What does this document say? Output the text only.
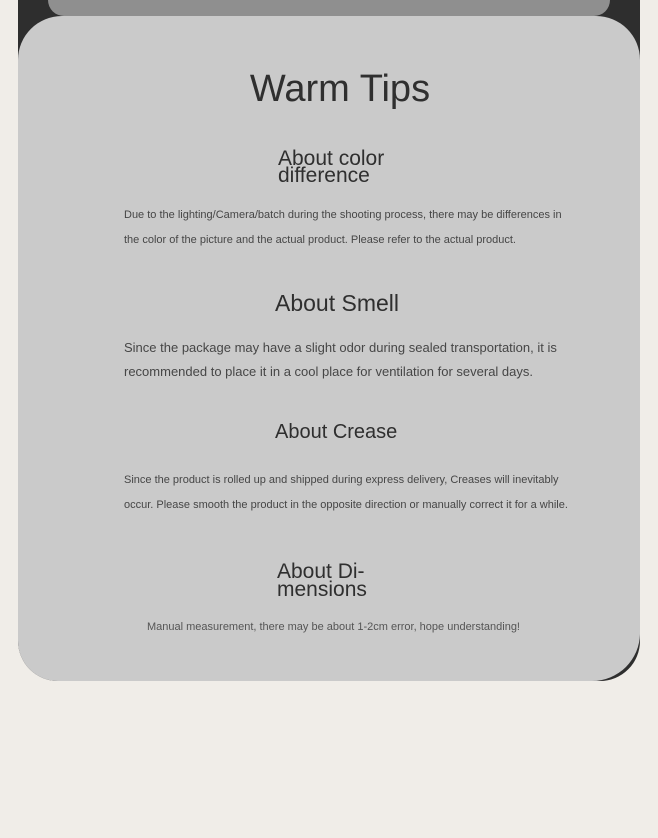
Warm Tips
About color difference

Due to the lighting/Camera/batch during the shooting process, there may be differences in the color of the picture and the actual product. Please refer to the actual product.

About Smell

Since the package may have a slight odor during sealed transportation, it is recommended to place it in a cool place for ventilation for several days.

About Crease

Since the product is rolled up and shipped during express delivery, Creases will inevitably occur. Please smooth the product in the opposite direction or manually correct it for a while.

About Di-mensions

Manual measurement, there may be about 1-2cm error, hope understanding!
